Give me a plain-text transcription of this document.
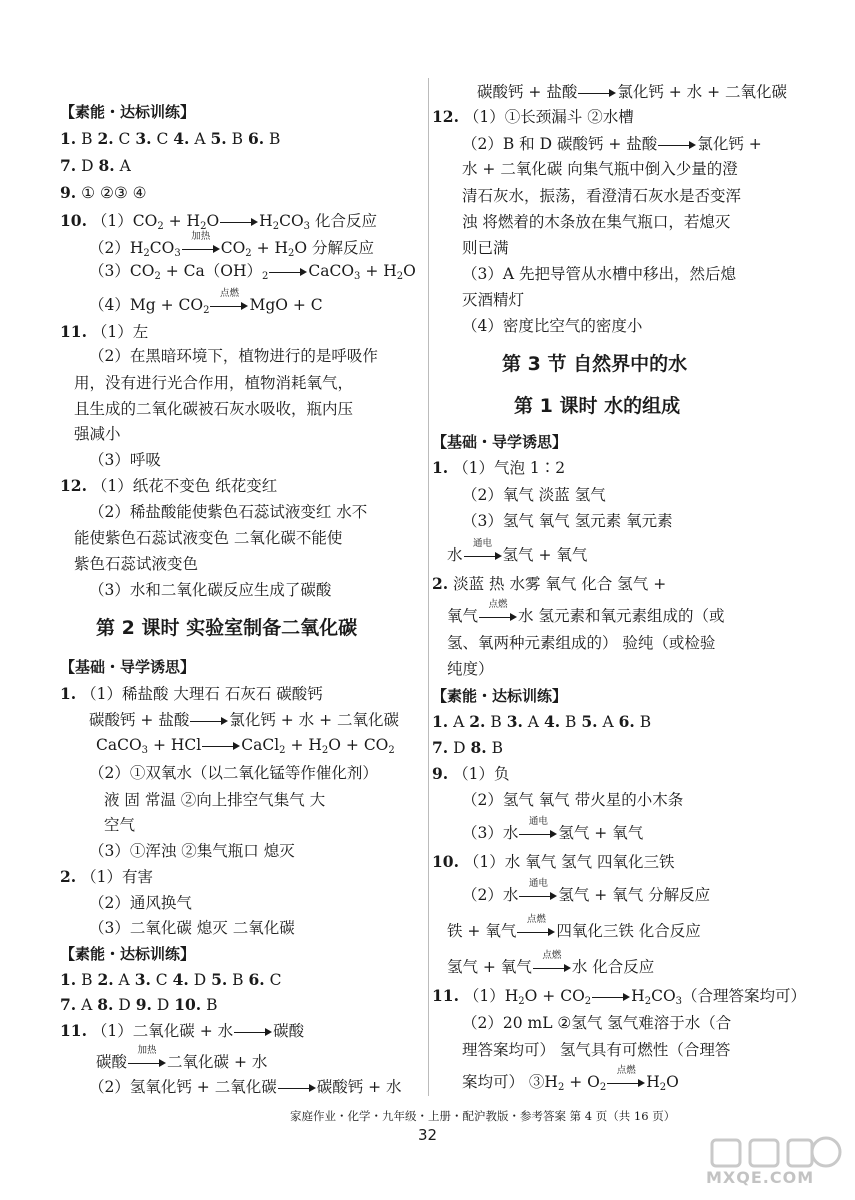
【素能・达标训练】
1. B 2. C 3. C 4. A 5. B 6. B
7. D 8. A
9. ① ②③ ④
10. $(1)CO_2 + H_2O$	$H_2CO_3$ 化合反应
$(2)H_2CO_3$
加热
$CO_2 + H_2O$ 分解反应
$(3)CO_2 + Ca(OH)_2$	CaCO$_3$ + $H_2O$
$(4)Mg + CO_2$
点燃
MgO + C
11. （1）左
（2）在黑暗环境下，植物进行的是呼吸作
用，没有进行光合作用，植物消耗氧气，
且生成的二氧化碳被石灰水吸收，瓶内压
强减小
（3）呼吸
12. （1）纸花不变色 纸花变红
（2）稀盐酸能使紫色石蕊试液变红 水不
能使紫色石蕊试液变色 二氧化碳不能使
紫色石蕊试液变色
（3）水和二氧化碳反应生成了碳酸
第 2 课时 实验室制备二氧化碳
【基础・导学诱思】
1. （1）稀盐酸 大理石 石灰石 碳酸钙
碳酸钙 + 盐酸	氯化钙 + 水 + 二氧化碳
CaCO$_3$ + HCl	CaCl$_2$ + $H_2O + CO_2$
（2）①双氧水（以二氧化锰等作催化剂）
液 固 常温 ②向上排空气集气 大
空气
（3）①浑浊 ②集气瓶口 熄灭
2. （1）有害
（2）通风换气
（3）二氧化碳 熄灭 二氧化碳
【素能・达标训练】
1. B 2. A 3. C 4. D 5. B 6. C
7. A 8. D 9. D 10. B
11. （1）二氧化碳 + 水	碳酸
碳酸
加热
二氧化碳 + 水
（2）氢氧化钙 + 二氧化碳	碳酸钙 + 水
碳酸钙 + 盐酸	氯化钙 + 水 + 二氧化碳
12. （1）①长颈漏斗 ②水槽
（2）B 和 D 碳酸钙 + 盐酸	氯化钙 +
水 + 二氧化碳 向集气瓶中倒入少量的澄
清石灰水，振荡，看澄清石灰水是否变浑
浊 将燃着的木条放在集气瓶口，若熄灭
则已满
（3）A 先把导管从水槽中移出，然后熄
灭酒精灯
（4）密度比空气的密度小
第 3 节 自然界中的水
第 1 课时 水的组成
【基础・导学诱思】
1. （1）气泡 1∶2
（2）氧气 淡蓝 氢气
（3）氢气 氧气 氢元素 氧元素
水
通电
氢气 + 氧气
2. 淡蓝 热 水雾 氧气 化合 氢气 +
氧气
点燃
水 氢元素和氧元素组成的（或
氢、氧两种元素组成的） 验纯（或检验
纯度）
【素能・达标训练】
1. A 2. B 3. A 4. B 5. A 6. B
7. D 8. B
9. （1）负
（2）氢气 氧气 带火星的小木条
（3）水
通电
氢气 + 氧气
10. （1）水 氧气 氢气 四氧化三铁
（2）水
通电
氢气 + 氧气 分解反应
铁 + 氧气
点燃
四氧化三铁 化合反应
氢气 + 氧气
点燃
水 化合反应
11. $(1)H_2O + CO_2$	$H_2CO_3$（合理答案均可）
（2）20 mL ②氢气 氢气难溶于水（合
理答案均可） 氢气具有可燃性（合理答
案均可） $③H_2 + O_2$
点燃
$H_2O$
家庭作业・化学・九年级・上册・配沪教版・参考答案 第 4 页（共 16 页）
32
MXQE.COM
